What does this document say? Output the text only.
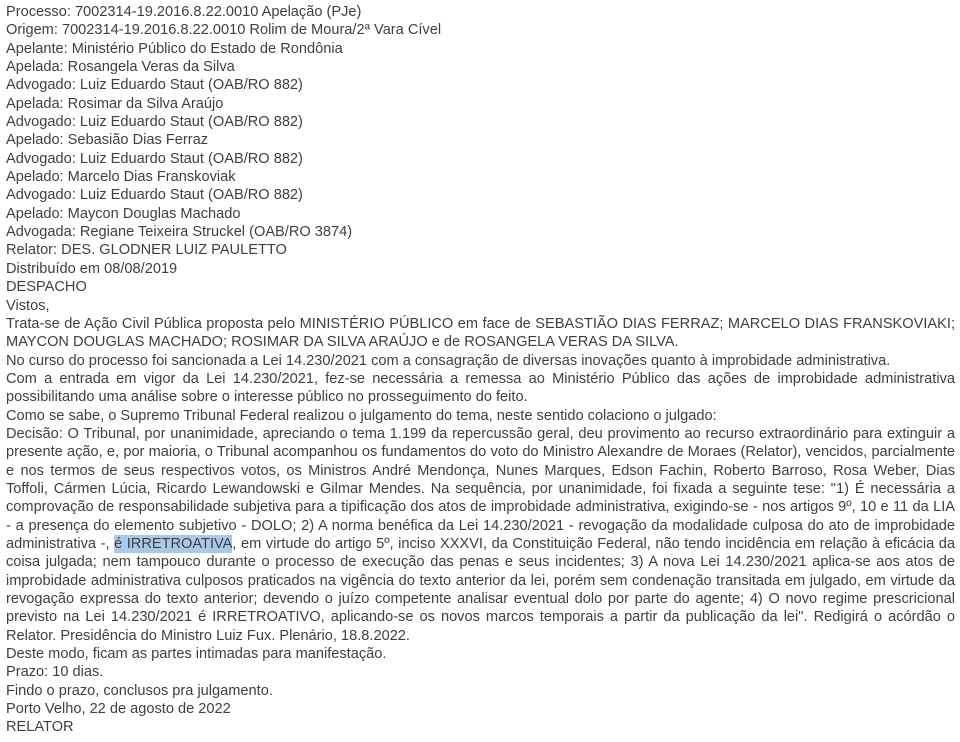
Processo: 7002314-19.2016.8.22.0010 Apelação (PJe)
Origem: 7002314-19.2016.8.22.0010 Rolim de Moura/2ª Vara Cível
Apelante: Ministério Público do Estado de Rondônia
Apelada: Rosangela Veras da Silva
Advogado: Luiz Eduardo Staut (OAB/RO 882)
Apelada: Rosimar da Silva Araújo
Advogado: Luiz Eduardo Staut (OAB/RO 882)
Apelado: Sebasião Dias Ferraz
Advogado: Luiz Eduardo Staut (OAB/RO 882)
Apelado: Marcelo Dias Franskoviak
Advogado: Luiz Eduardo Staut (OAB/RO 882)
Apelado: Maycon Douglas Machado
Advogada: Regiane Teixeira Struckel (OAB/RO 3874)
Relator: DES. GLODNER LUIZ PAULETTO
Distribuído em 08/08/2019
DESPACHO
Vistos,

Trata-se de Ação Civil Pública proposta pelo MINISTÉRIO PÚBLICO em face de SEBASTIÃO DIAS FERRAZ; MARCELO DIAS FRANSKOVIAKI; MAYCON DOUGLAS MACHADO; ROSIMAR DA SILVA ARAÚJO e de ROSANGELA VERAS DA SILVA.

No curso do processo foi sancionada a Lei 14.230/2021 com a consagração de diversas inovações quanto à improbidade administrativa.

Com a entrada em vigor da Lei 14.230/2021, fez-se necessária a remessa ao Ministério Público das ações de improbidade administrativa possibilitando uma análise sobre o interesse público no prosseguimento do feito.

Como se sabe, o Supremo Tribunal Federal realizou o julgamento do tema, neste sentido colaciono o julgado:

Decisão: O Tribunal, por unanimidade, apreciando o tema 1.199 da repercussão geral, deu provimento ao recurso extraordinário para extinguir a presente ação, e, por maioria, o Tribunal acompanhou os fundamentos do voto do Ministro Alexandre de Moraes (Relator), vencidos, parcialmente e nos termos de seus respectivos votos, os Ministros André Mendonça, Nunes Marques, Edson Fachin, Roberto Barroso, Rosa Weber, Dias Toffoli, Cármen Lúcia, Ricardo Lewandowski e Gilmar Mendes. Na sequência, por unanimidade, foi fixada a seguinte tese: "1) É necessária a comprovação de responsabilidade subjetiva para a tipificação dos atos de improbidade administrativa, exigindo-se - nos artigos 9º, 10 e 11 da LIA - a presença do elemento subjetivo - DOLO; 2) A norma benéfica da Lei 14.230/2021 - revogação da modalidade culposa do ato de improbidade administrativa -, é IRRETROATIVA, em virtude do artigo 5º, inciso XXXVI, da Constituição Federal, não tendo incidência em relação à eficácia da coisa julgada; nem tampouco durante o processo de execução das penas e seus incidentes; 3) A nova Lei 14.230/2021 aplica-se aos atos de improbidade administrativa culposos praticados na vigência do texto anterior da lei, porém sem condenação transitada em julgado, em virtude da revogação expressa do texto anterior; devendo o juízo competente analisar eventual dolo por parte do agente; 4) O novo regime prescricional previsto na Lei 14.230/2021 é IRRETROATIVO, aplicando-se os novos marcos temporais a partir da publicação da lei". Redigirá o acórdão o Relator. Presidência do Ministro Luiz Fux. Plenário, 18.8.2022.

Deste modo, ficam as partes intimadas para manifestação.

Prazo: 10 dias.

Findo o prazo, conclusos pra julgamento.

Porto Velho, 22 de agosto de 2022

RELATOR
